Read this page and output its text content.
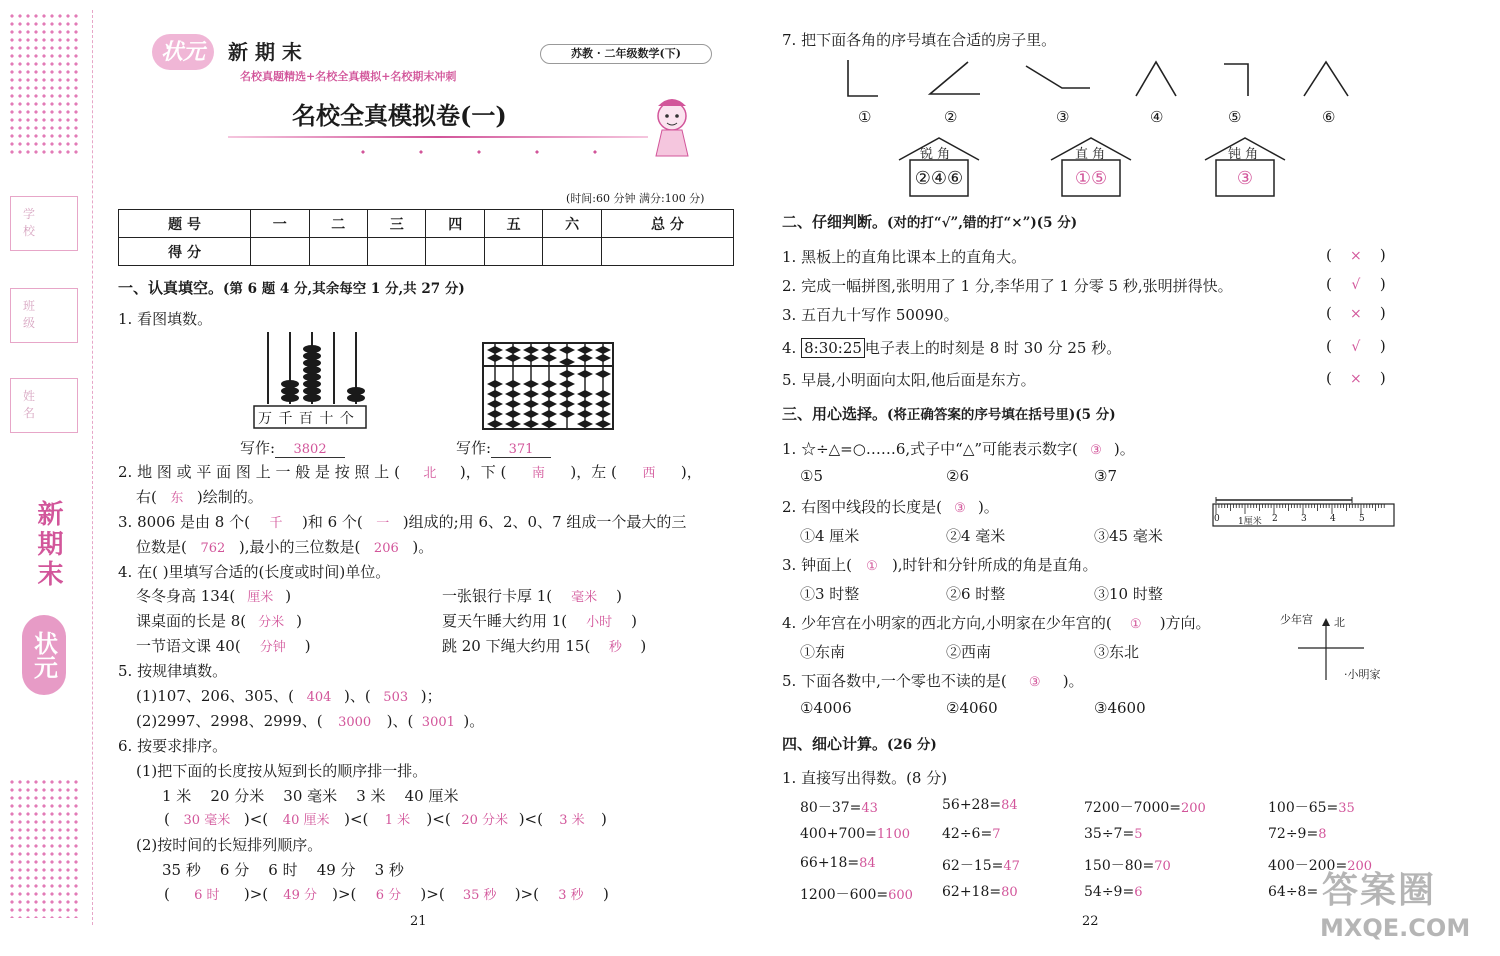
学 校
班 级
姓 名
新期末
状元
状元	新 期 末
名校真题精选+名校全真模拟+名校期末冲刺
苏教 · 二年级数学(下)
名校全真模拟卷(一)
(时间:60 分钟 满分:100 分)
题 号	一	二	三	四	五	六	总 分
得 分							
一、认真填空。(第 6 题 4 分,其余每空 1 分,共 27 分)
1. 看图填数。
万 千 百 十 个
写作: 3802	写作: 371
2. 地 图 或 平 面 图 上 一 般 是 按 照 上 ( 北 )，下 ( 南 )，左 ( 西 )，
右( 东 )绘制的。
3. 8006 是由 8 个( 千 )和 6 个( 一 )组成的;用 6、2、0、7 组成一个最大的三
位数是( 762 ),最小的三位数是( 206 )。
4. 在( )里填写合适的(长度或时间)单位。
冬冬身高 134( 厘米 )	一张银行卡厚 1( 毫米 )
课桌面的长是 8( 分米 )	夏天午睡大约用 1( 小时 )
一节语文课 40( 分钟 )	跳 20 下绳大约用 15( 秒 )
5. 按规律填数。
(1)107、206、305、( 404 )、( 503 )；
(2)2997、2998、2999、( 3000 )、( 3001 )。
6. 按要求排序。
(1)把下面的长度按从短到长的顺序排一排。
1 米    20 分米    30 毫米    3 米    40 厘米
( 30 毫米 )<( 40 厘米 )<( 1 米 )<( 20 分米 )<( 3 米 )
(2)按时间的长短排列顺序。
35 秒    6 分    6 时    49 分    3 秒
( 6 时 )>( 49 分 )>( 6 分 )>( 35 秒 )>( 3 秒 )
21
7. 把下面各角的序号填在合适的房子里。
①	②	③	④	⑤	⑥
锐 角
②④⑥
直 角
①⑤
钝 角
③
二、仔细判断。(对的打“√”,错的打“×”)(5 分)
1. 黑板上的直角比课本上的直角大。
2. 完成一幅拼图,张明用了 1 分,李华用了 1 分零 5 秒,张明拼得快。
3. 五百九十写作 50090。
4. 8:30:25 电子表上的时刻是 8 时 30 分 25 秒。
5. 早晨,小明面向太阳,他后面是东方。
( × )
( √ )
( × )
( √ )
( × )
三、用心选择。(将正确答案的序号填在括号里)(5 分)
1. ☆÷△=○……6,式子中“△”可能表示数字( ③ )。
①5	②6	③7
2. 右图中线段的长度是( ③ )。
①4 厘米	②4 毫米	③45 毫米
0 1厘米 2	3	4	5
3. 钟面上( ① ),时针和分针所成的角是直角。
①3 时整	②6 时整	③10 时整
4. 少年宫在小明家的西北方向,小明家在少年宫的( ① )方向。
①东南	②西南	③东北
少年宫 北
·小明家
5. 下面各数中,一个零也不读的是( ③ )。
①4006	②4060	③4600
四、细心计算。(26 分)
1. 直接写出得数。(8 分)
80－37=43	56+28=84	7200－7000=200	100－65=35
400+700=1100 42÷6=7	35÷7=5	72÷9=8
66+18=84	62－15=47	150－80=70	400－200=200
1200－600=600 62+18=80	54÷9=6	64÷8=
22
答案圈
MXQE.COM
